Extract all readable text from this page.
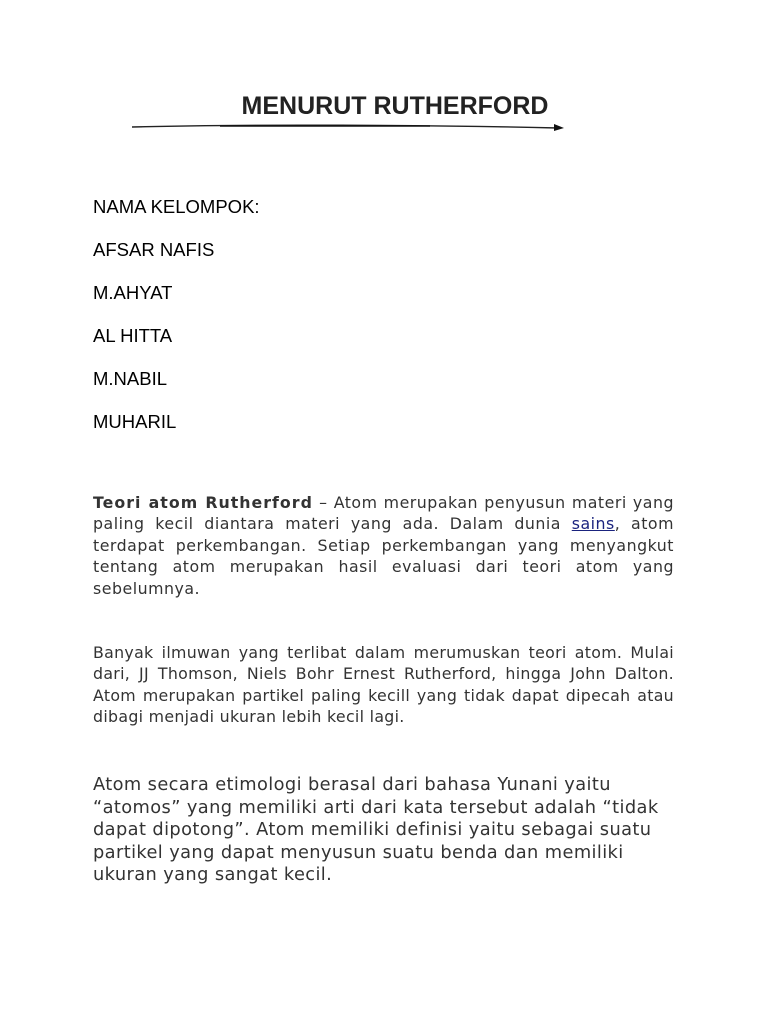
MENURUT RUTHERFORD
NAMA KELOMPOK:
AFSAR NAFIS
M.AHYAT
AL HITTA
M.NABIL
MUHARIL

Teori atom Rutherford – Atom merupakan penyusun materi yang paling kecil diantara materi yang ada. Dalam dunia sains, atom terdapat perkembangan. Setiap perkembangan yang menyangkut tentang atom merupakan hasil evaluasi dari teori atom yang sebelumnya.

Banyak ilmuwan yang terlibat dalam merumuskan teori atom. Mulai dari, JJ Thomson, Niels Bohr Ernest Rutherford, hingga John Dalton. Atom merupakan partikel paling kecill yang tidak dapat dipecah atau dibagi menjadi ukuran lebih kecil lagi.

Atom secara etimologi berasal dari bahasa Yunani yaitu “atomos” yang memiliki arti dari kata tersebut adalah “tidak dapat dipotong”. Atom memiliki definisi yaitu sebagai suatu partikel yang dapat menyusun suatu benda dan memiliki ukuran yang sangat kecil.
